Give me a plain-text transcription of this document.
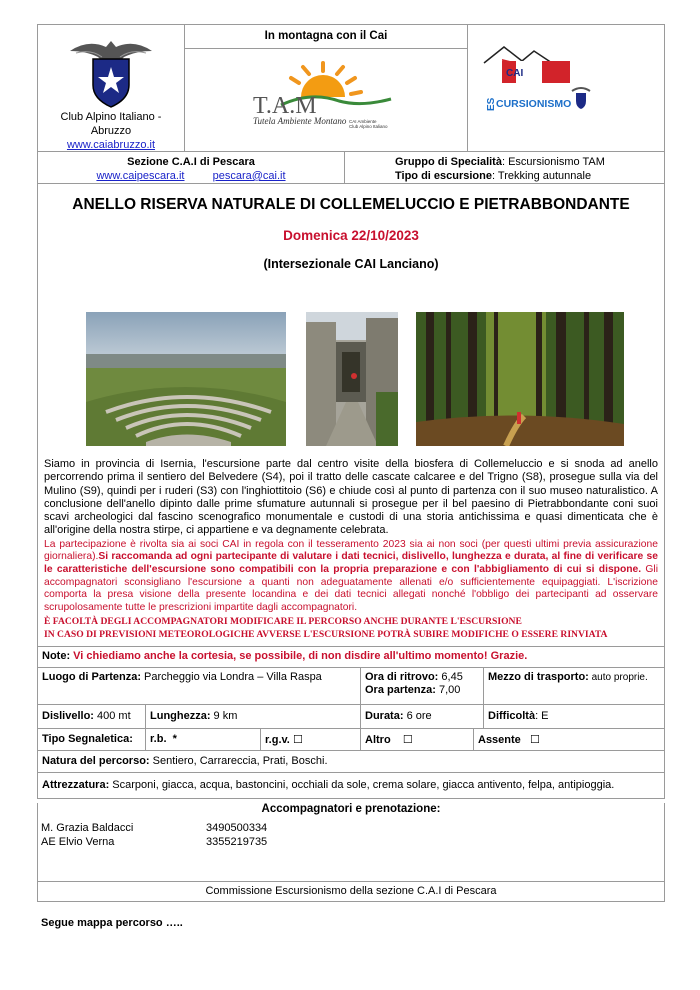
Club Alpino Italiano -
Abruzzo
www.caiabruzzo.it
In montagna con il Cai
T.A.M
Tutela Ambiente Montano CAI Ambiente
Club Alpino Italiano
CAI
ES CURSIONISMO
Sezione C.A.I di Pescara
www.caipescara.it	pescara@cai.it
Gruppo di Specialità: Escursionismo TAM
Tipo di escursione: Trekking autunnale
ANELLO RISERVA NATURALE DI COLLEMELUCCIO E PIETRABBONDANTE
Domenica 22/10/2023
(Intersezionale CAI Lanciano)
Siamo in provincia di Isernia, l'escursione parte dal centro visite della biosfera di Collemeluccio e si snoda ad anello percorrendo prima il sentiero del Belvedere (S4), poi il tratto delle cascate calcaree e del Trigno (S8), prosegue sulla via del Mulino (S9), quindi per i ruderi (S3) con l'inghiottitoio (S6) e chiude così al punto di partenza con il suo museo naturalistico. A conclusione dell'anello dipinto dalle prime sfumature autunnali si prosegue per il bel paesino di Pietrabbondante coni suoi scavi archeologici dal fascino scenografico monumentale e custodi di una storia antichissima e quasi dimenticata che è all'origine della nostra stirpe, ci appartiene e va degnamente celebrata.
La partecipazione è rivolta sia ai soci CAI in regola con il tesseramento 2023 sia ai non soci (per questi ultimi previa assicurazione giornaliera).Si raccomanda ad ogni partecipante di valutare i dati tecnici, dislivello, lunghezza e durata, al fine di verificare se le caratteristiche dell'escursione sono compatibili con la propria preparazione e con l'abbigliamento di cui si dispone. Gli accompagnatori sconsigliano l'escursione a quanti non adeguatamente allenati e/o sufficientemente equipaggiati. L'iscrizione comporta la presa visione della presente locandina e dei dati tecnici allegati nonché l'obbligo dei partecipanti ad osservare scrupolosamente tutte le prescrizioni impartite dagli accompagnatori.
È FACOLTÀ DEGLI ACCOMPAGNATORI MODIFICARE IL PERCORSO ANCHE DURANTE L'ESCURSIONE
IN CASO DI PREVISIONI METEOROLOGICHE AVVERSE L'ESCURSIONE POTRÀ SUBIRE MODIFICHE O ESSERE RINVIATA
Note: Vi chiediamo anche la cortesia, se possibile, di non disdire all'ultimo momento! Grazie.
Luogo di Partenza: Parcheggio via Londra – Villa Raspa	Ora di ritrovo: 6,45
Ora partenza: 7,00
Mezzo di trasporto: auto proprie.
Dislivello: 400 mt	Lunghezza: 9 km	Durata: 6 ore	Difficoltà: E
Tipo Segnaletica:	r.b. *	r.g.v. ☐	Altro ☐	Assente ☐
Natura del percorso: Sentiero, Carrareccia, Prati, Boschi.
Attrezzatura: Scarponi, giacca, acqua, bastoncini, occhiali da sole, crema solare, giacca antivento, felpa, antipioggia.
Accompagnatori e prenotazione:
M. Grazia Baldacci	3490500334
AE Elvio Verna	3355219735
Commissione Escursionismo della sezione C.A.I di Pescara
Segue mappa percorso …..
